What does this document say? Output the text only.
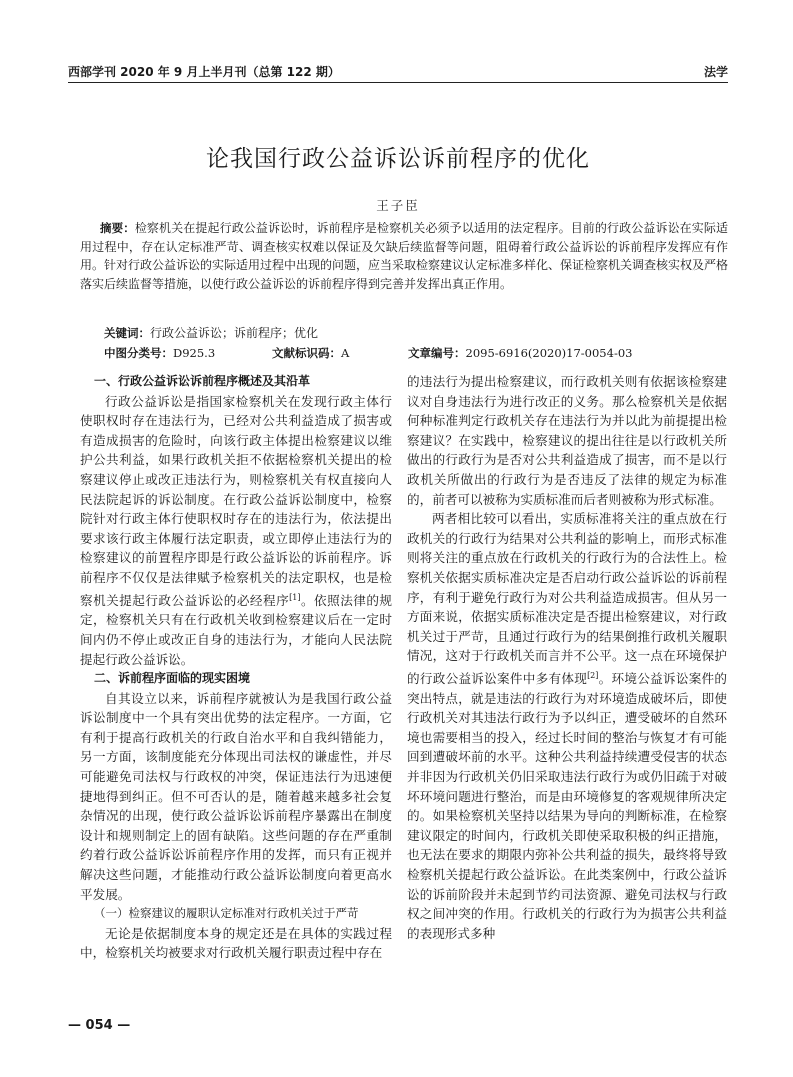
西部学刊 2020 年 9 月上半月刊（总第 122 期）	法学
论我国行政公益诉讼诉前程序的优化
王子臣
摘要：检察机关在提起行政公益诉讼时，诉前程序是检察机关必须予以适用的法定程序。目前的行政公益诉讼在实际适用过程中，存在认定标准严苛、调查核实权难以保证及欠缺后续监督等问题，阻碍着行政公益诉讼的诉前程序发挥应有作用。针对行政公益诉讼的实际适用过程中出现的问题，应当采取检察建议认定标准多样化、保证检察机关调查核实权及严格落实后续监督等措施，以使行政公益诉讼的诉前程序得到完善并发挥出真正作用。
关键词：行政公益诉讼；诉前程序；优化
中图分类号：D925.3	文献标识码：A	文章编号：2095-6916(2020)17-0054-03
一、行政公益诉讼诉前程序概述及其沿革

行政公益诉讼是指国家检察机关在发现行政主体行使职权时存在违法行为，已经对公共利益造成了损害或有造成损害的危险时，向该行政主体提出检察建议以维护公共利益，如果行政机关拒不依据检察机关提出的检察建议停止或改正违法行为，则检察机关有权直接向人民法院起诉的诉讼制度。在行政公益诉讼制度中，检察院针对行政主体行使职权时存在的违法行为，依法提出要求该行政主体履行法定职责，或立即停止违法行为的检察建议的前置程序即是行政公益诉讼的诉前程序。诉前程序不仅仅是法律赋予检察机关的法定职权，也是检察机关提起行政公益诉讼的必经程序[1]。依照法律的规定，检察机关只有在行政机关收到检察建议后在一定时间内仍不停止或改正自身的违法行为，才能向人民法院提起行政公益诉讼。

二、诉前程序面临的现实困境

自其设立以来，诉前程序就被认为是我国行政公益诉讼制度中一个具有突出优势的法定程序。一方面，它有利于提高行政机关的行政自治水平和自我纠错能力，另一方面，该制度能充分体现出司法权的谦虚性，并尽可能避免司法权与行政权的冲突，保证违法行为迅速便捷地得到纠正。但不可否认的是，随着越来越多社会复杂情况的出现，使行政公益诉讼诉前程序暴露出在制度设计和规则制定上的固有缺陷。这些问题的存在严重制约着行政公益诉讼诉前程序作用的发挥，而只有正视并解决这些问题，才能推动行政公益诉讼制度向着更高水平发展。

（一）检察建议的履职认定标准对行政机关过于严苛

无论是依据制度本身的规定还是在具体的实践过程中，检察机关均被要求对行政机关履行职责过程中存在

的违法行为提出检察建议，而行政机关则有依据该检察建议对自身违法行为进行改正的义务。那么检察机关是依据何种标准判定行政机关存在违法行为并以此为前提提出检察建议？在实践中，检察建议的提出往往是以行政机关所做出的行政行为是否对公共利益造成了损害，而不是以行政机关所做出的行政行为是否违反了法律的规定为标准的，前者可以被称为实质标准而后者则被称为形式标准。

两者相比较可以看出，实质标准将关注的重点放在行政机关的行政行为结果对公共利益的影响上，而形式标准则将关注的重点放在行政机关的行政行为的合法性上。检察机关依据实质标准决定是否启动行政公益诉讼的诉前程序，有利于避免行政行为对公共利益造成损害。但从另一方面来说，依据实质标准决定是否提出检察建议，对行政机关过于严苛，且通过行政行为的结果倒推行政机关履职情况，这对于行政机关而言并不公平。这一点在环境保护的行政公益诉讼案件中多有体现[2]。环境公益诉讼案件的突出特点，就是违法的行政行为对环境造成破坏后，即使行政机关对其违法行政行为予以纠正，遭受破坏的自然环境也需要相当的投入，经过长时间的整治与恢复才有可能回到遭破坏前的水平。这种公共利益持续遭受侵害的状态并非因为行政机关仍旧采取违法行政行为或仍旧疏于对破坏环境问题进行整治，而是由环境修复的客观规律所决定的。如果检察机关坚持以结果为导向的判断标准，在检察建议限定的时间内，行政机关即使采取积极的纠正措施，也无法在要求的期限内弥补公共利益的损失，最终将导致检察机关提起行政公益诉讼。在此类案例中，行政公益诉讼的诉前阶段并未起到节约司法资源、避免司法权与行政权之间冲突的作用。行政机关的行政行为为损害公共利益的表现形式多种

— 054 —
